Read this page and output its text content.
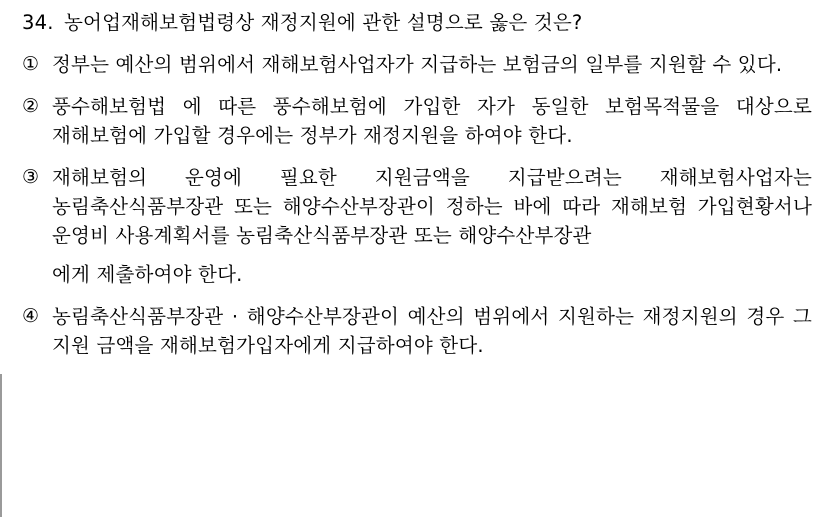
34. 농어업재해보험법령상 재정지원에 관한 설명으로 옳은 것은?
① 정부는 예산의 범위에서 재해보험사업자가 지급하는 보험금의 일부를 지원할 수 있다.
② 풍수해보험법 에 따른 풍수해보험에 가입한 자가 동일한 보험목적물을 대상으로 재해보험에 가입할 경우에는 정부가 재정지원을 하여야 한다.
③ 재해보험의 운영에 필요한 지원금액을 지급받으려는 재해보험사업자는 농림축산식품부장관 또는 해양수산부장관이 정하는 바에 따라 재해보험 가입현황서나 운영비 사용계획서를 농림축산식품부장관 또는 해양수산부장관
에게 제출하여야 한다.
④ 농림축산식품부장관 · 해양수산부장관이 예산의 범위에서 지원하는 재정지원의 경우 그 지원 금액을 재해보험가입자에게 지급하여야 한다.
